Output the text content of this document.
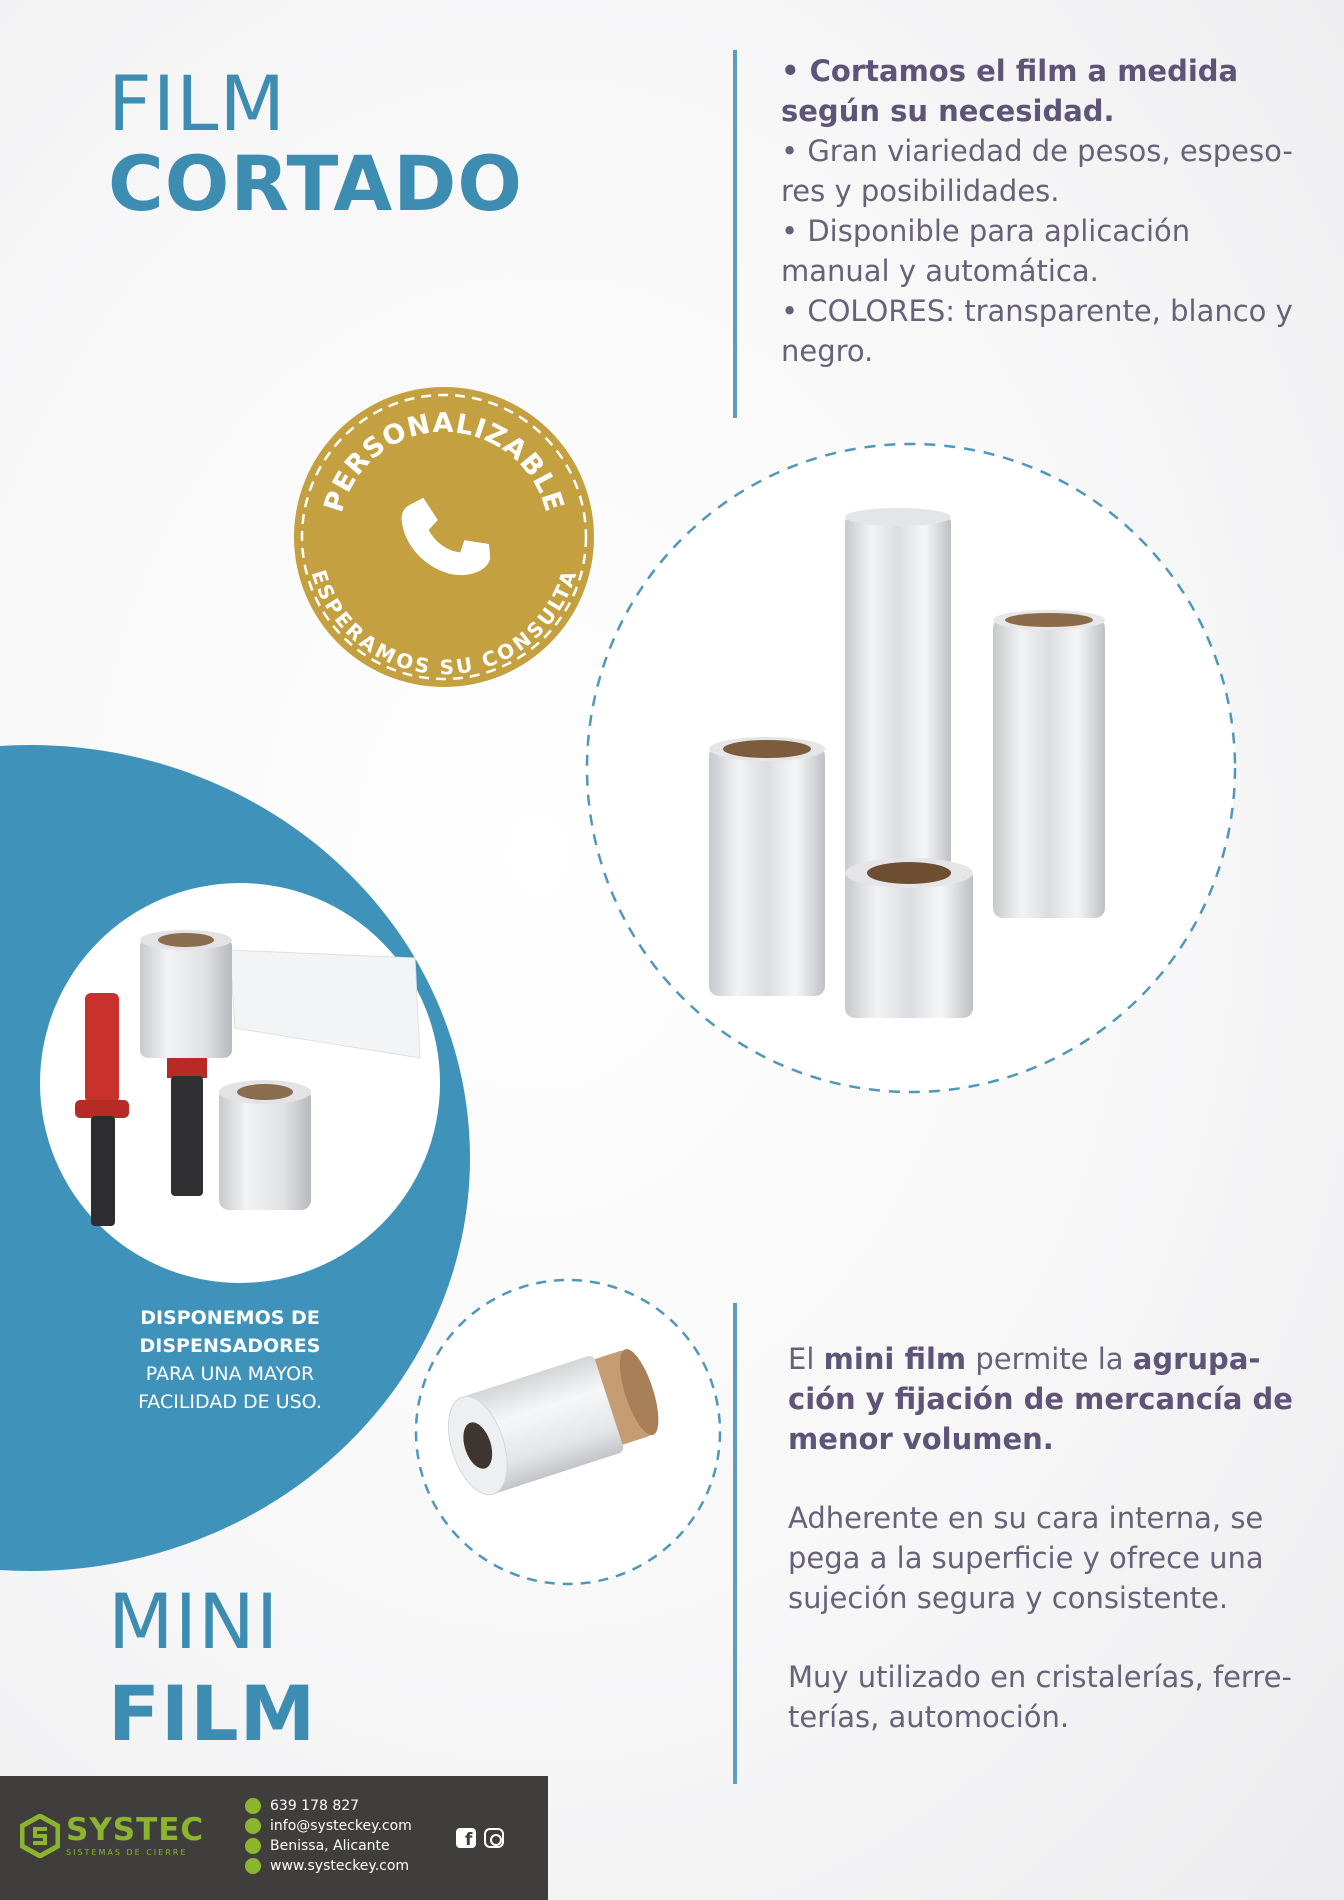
FILM
CORTADO

• Cortamos el film a medida

según su necesidad.

• Gran viariedad de pesos, espeso-

res y posibilidades.

• Disponible para aplicación

manual y automática.

• COLORES: transparente, blanco y

negro.

PERSONALIZABLE
ESPERAMOS SU CONSULTA
DISPONEMOS DE DISPENSADORES
PARA UNA MAYOR
FACILIDAD DE USO.
MINI
FILM

El mini film permite la agrupa-
ción y fijación de mercancía de
menor volumen.

Adherente en su cara interna, se
pega a la superficie y ofrece una
sujeción segura y consistente.

Muy utilizado en cristalerías, ferre-
terías, automoción.

SYSTEC
SISTEMAS DE CIERRE
639 178 827
info@systeckey.com
Benissa, Alicante
www.systeckey.com
f
